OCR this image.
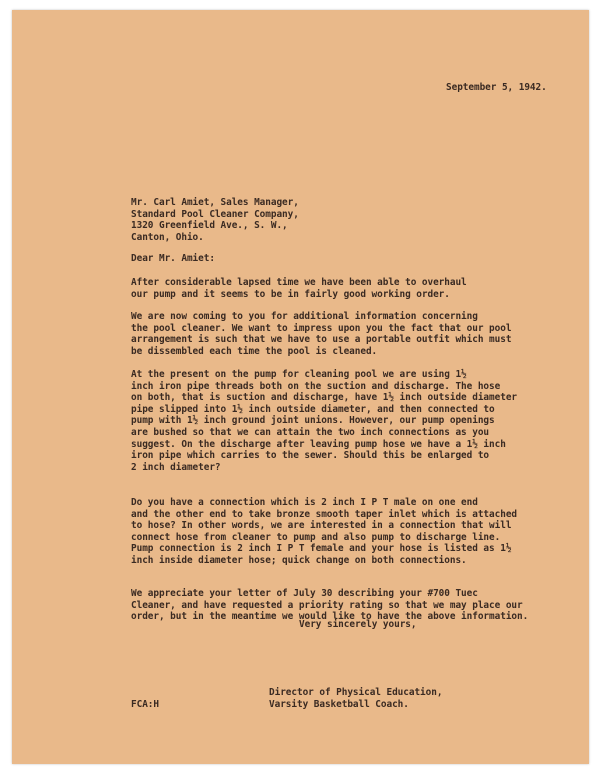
September 5, 1942.
Mr. Carl Amiet, Sales Manager,
Standard Pool Cleaner Company,
1320 Greenfield Ave., S. W.,
Canton, Ohio.
Dear Mr. Amiet:
After considerable lapsed time we have been able to overhaul
our pump and it seems to be in fairly good working order.
We are now coming to you for additional information concerning
the pool cleaner. We want to impress upon you the fact that our pool
arrangement is such that we have to use a portable outfit which must
be dissembled each time the pool is cleaned.
At the present on the pump for cleaning pool we are using 1½
inch iron pipe threads both on the suction and discharge. The hose
on both, that is suction and discharge, have 1½ inch outside diameter
pipe slipped into 1½ inch outside diameter, and then connected to
pump with 1½ inch ground joint unions. However, our pump openings
are bushed so that we can attain the two inch connections as you
suggest. On the discharge after leaving pump hose we have a 1½ inch
iron pipe which carries to the sewer. Should this be enlarged to
2 inch diameter?
Do you have a connection which is 2 inch I P T male on one end
and the other end to take bronze smooth taper inlet which is attached
to hose? In other words, we are interested in a connection that will
connect hose from cleaner to pump and also pump to discharge line.
Pump connection is 2 inch I P T female and your hose is listed as 1½
inch inside diameter hose; quick change on both connections.
We appreciate your letter of July 30 describing your #700 Tuec
Cleaner, and have requested a priority rating so that we may place our
order, but in the meantime we would like to have the above information.
Very sincerely yours,
Director of Physical Education,
Varsity Basketball Coach.
FCA:H
